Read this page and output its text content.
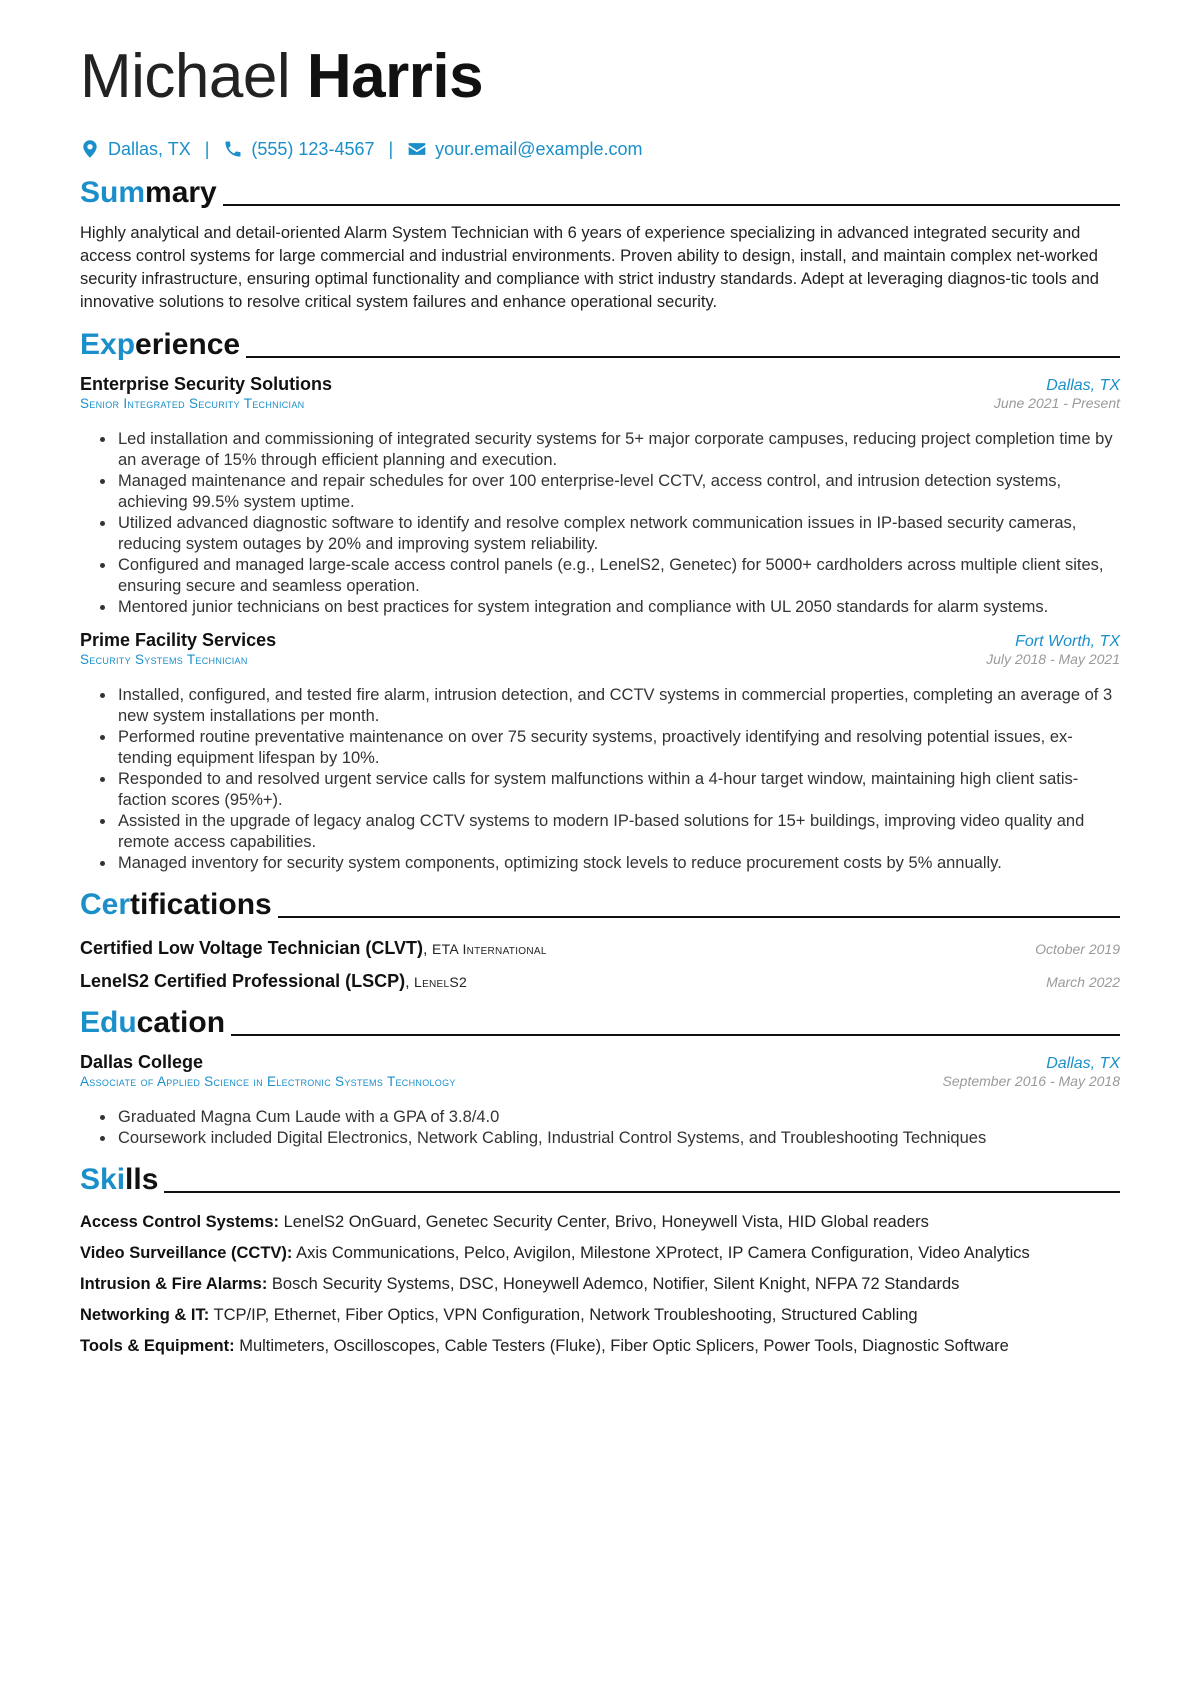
Michael Harris
Dallas, TX | (555) 123-4567 | your.email@example.com
Summary

Highly analytical and detail-oriented Alarm System Technician with 6 years of experience specializing in advanced integrated security and access control systems for large commercial and industrial environments. Proven ability to design, install, and maintain complex net-worked security infrastructure, ensuring optimal functionality and compliance with strict industry standards. Adept at leveraging diagnos-tic tools and innovative solutions to resolve critical system failures and enhance operational security.

Experience
Enterprise Security Solutions	Dallas, TX
Senior Integrated Security Technician	June 2021 - Present
• Led installation and commissioning of integrated security systems for 5+ major corporate campuses, reducing project completion time by an average of 15% through efficient planning and execution.
• Managed maintenance and repair schedules for over 100 enterprise-level CCTV, access control, and intrusion detection systems, achieving 99.5% system uptime.
• Utilized advanced diagnostic software to identify and resolve complex network communication issues in IP-based security cameras, reducing system outages by 20% and improving system reliability.
• Configured and managed large-scale access control panels (e.g., LenelS2, Genetec) for 5000+ cardholders across multiple client sites, ensuring secure and seamless operation.
• Mentored junior technicians on best practices for system integration and compliance with UL 2050 standards for alarm systems.
Prime Facility Services	Fort Worth, TX
Security Systems Technician	July 2018 - May 2021
• Installed, configured, and tested fire alarm, intrusion detection, and CCTV systems in commercial properties, completing an average of 3 new system installations per month.
• Performed routine preventative maintenance on over 75 security systems, proactively identifying and resolving potential issues, ex-tending equipment lifespan by 10%.
• Responded to and resolved urgent service calls for system malfunctions within a 4-hour target window, maintaining high client satis-faction scores (95%+).
• Assisted in the upgrade of legacy analog CCTV systems to modern IP-based solutions for 15+ buildings, improving video quality and remote access capabilities.
• Managed inventory for security system components, optimizing stock levels to reduce procurement costs by 5% annually.
Certifications
Certified Low Voltage Technician (CLVT), ETA International	October 2019
LenelS2 Certified Professional (LSCP), LenelS2	March 2022
Education
Dallas College	Dallas, TX
Associate of Applied Science in Electronic Systems Technology	September 2016 - May 2018
• Graduated Magna Cum Laude with a GPA of 3.8/4.0
• Coursework included Digital Electronics, Network Cabling, Industrial Control Systems, and Troubleshooting Techniques
Skills
Access Control Systems: LenelS2 OnGuard, Genetec Security Center, Brivo, Honeywell Vista, HID Global readers
Video Surveillance (CCTV): Axis Communications, Pelco, Avigilon, Milestone XProtect, IP Camera Configuration, Video Analytics
Intrusion & Fire Alarms: Bosch Security Systems, DSC, Honeywell Ademco, Notifier, Silent Knight, NFPA 72 Standards
Networking & IT: TCP/IP, Ethernet, Fiber Optics, VPN Configuration, Network Troubleshooting, Structured Cabling
Tools & Equipment: Multimeters, Oscilloscopes, Cable Testers (Fluke), Fiber Optic Splicers, Power Tools, Diagnostic Software
